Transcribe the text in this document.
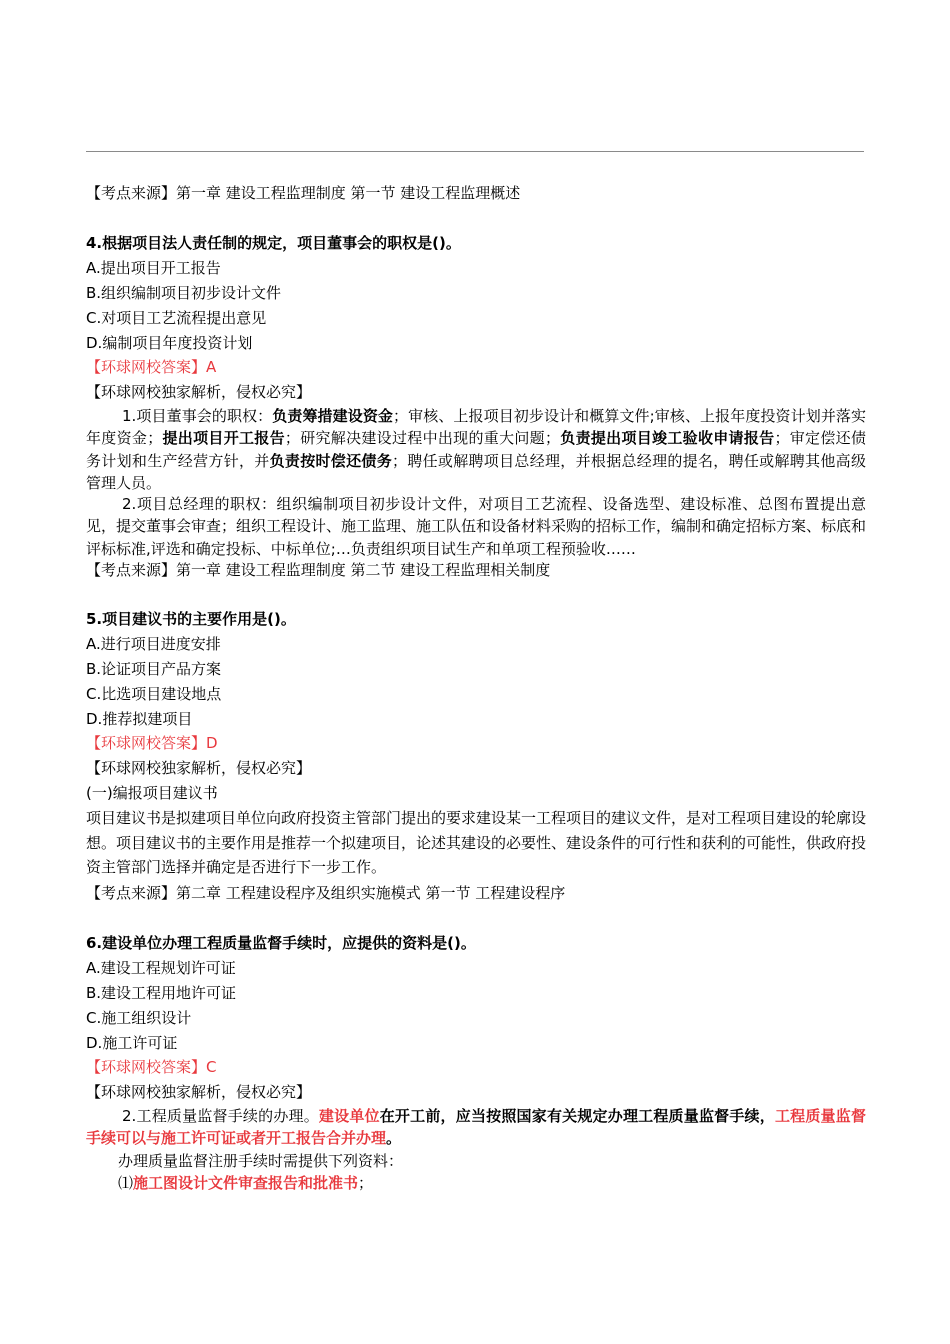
【考点来源】第一章 建设工程监理制度 第一节 建设工程监理概述
4.根据项目法人责任制的规定，项目董事会的职权是()。
A.提出项目开工报告
B.组织编制项目初步设计文件
C.对项目工艺流程提出意见
D.编制项目年度投资计划
【环球网校答案】A
【环球网校独家解析，侵权必究】
1.项目董事会的职权：负责筹措建设资金；审核、上报项目初步设计和概算文件;审核、上报年度投资计划并落实年度资金；提出项目开工报告；研究解决建设过程中出现的重大问题；负责提出项目竣工验收申请报告；审定偿还债务计划和生产经营方针，并负责按时偿还债务；聘任或解聘项目总经理，并根据总经理的提名，聘任或解聘其他高级管理人员。
2.项目总经理的职权：组织编制项目初步设计文件，对项目工艺流程、设备选型、建设标准、总图布置提出意见，提交董事会审查；组织工程设计、施工监理、施工队伍和设备材料采购的招标工作，编制和确定招标方案、标底和评标标准,评选和确定投标、中标单位;…负责组织项目试生产和单项工程预验收……
【考点来源】第一章 建设工程监理制度 第二节 建设工程监理相关制度
5.项目建议书的主要作用是()。
A.进行项目进度安排
B.论证项目产品方案
C.比选项目建设地点
D.推荐拟建项目
【环球网校答案】D
【环球网校独家解析，侵权必究】
(一)编报项目建议书
项目建议书是拟建项目单位向政府投资主管部门提出的要求建设某一工程项目的建议文件，是对工程项目建设的轮廓设想。项目建议书的主要作用是推荐一个拟建项目，论述其建设的必要性、建设条件的可行性和获利的可能性，供政府投资主管部门选择并确定是否进行下一步工作。
【考点来源】第二章 工程建设程序及组织实施模式 第一节 工程建设程序
6.建设单位办理工程质量监督手续时，应提供的资料是()。
A.建设工程规划许可证
B.建设工程用地许可证
C.施工组织设计
D.施工许可证
【环球网校答案】C
【环球网校独家解析，侵权必究】
2.工程质量监督手续的办理。建设单位在开工前，应当按照国家有关规定办理工程质量监督手续，工程质量监督手续可以与施工许可证或者开工报告合并办理。
办理质量监督注册手续时需提供下列资料：
⑴施工图设计文件审查报告和批准书；
